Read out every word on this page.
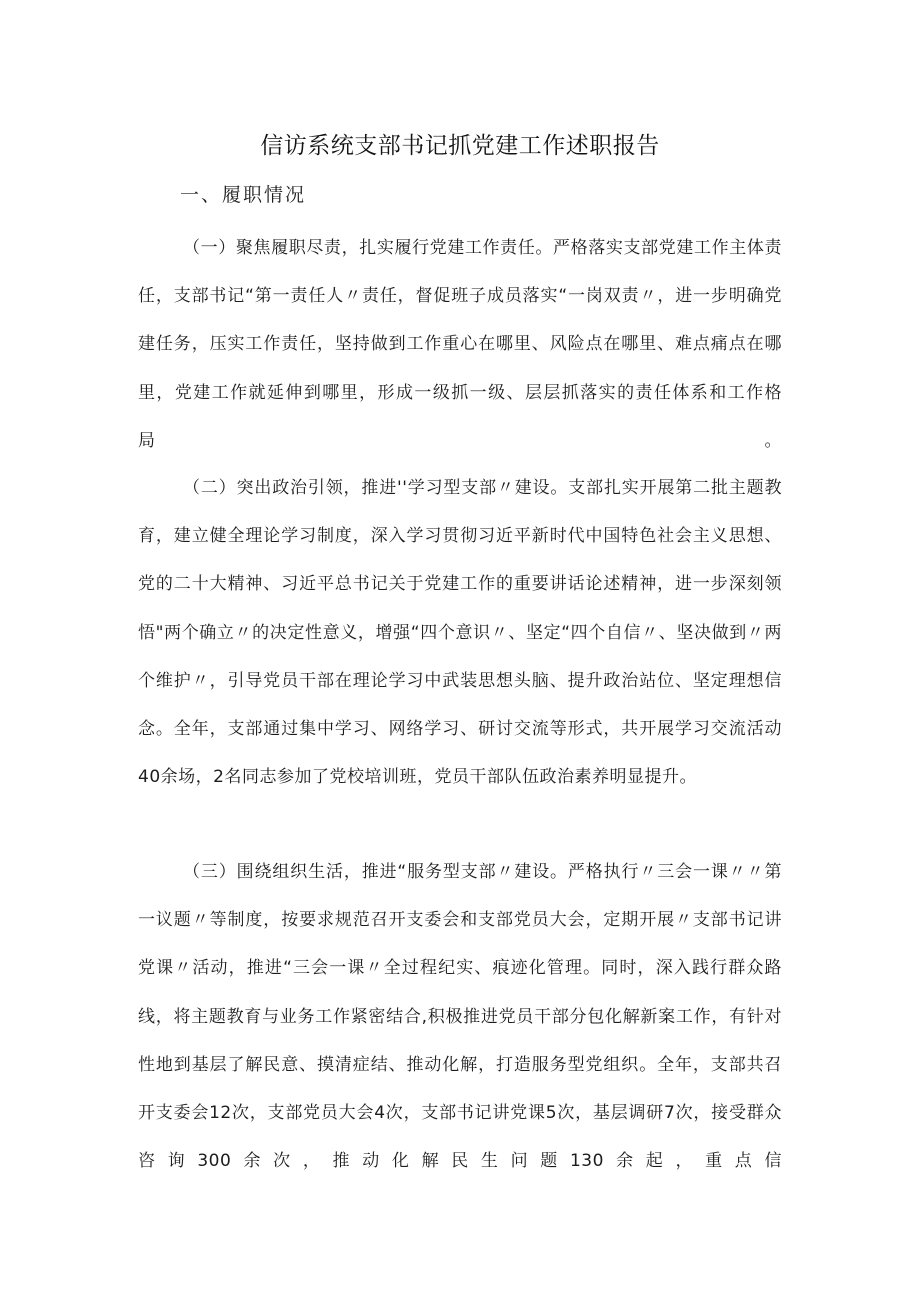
信访系统支部书记抓党建工作述职报告
一、履职情况

（一）聚焦履职尽责，扎实履行党建工作责任。严格落实支部党建工作主体责任，支部书记“第一责任人〃责任，督促班子成员落实“一岗双责〃，进一步明确党建任务，压实工作责任，坚持做到工作重心在哪里、风险点在哪里、难点痛点在哪里，党建工作就延伸到哪里，形成一级抓一级、层层抓落实的责任体系和工作格局。

（二）突出政治引领，推进''学习型支部〃建设。支部扎实开展第二批主题教育，建立健全理论学习制度，深入学习贯彻习近平新时代中国特色社会主义思想、党的二十大精神、习近平总书记关于党建工作的重要讲话论述精神，进一步深刻领悟"两个确立〃的决定性意义，增强“四个意识〃、坚定“四个自信〃、坚决做到〃两个维护〃，引导党员干部在理论学习中武装思想头脑、提升政治站位、坚定理想信念。全年，支部通过集中学习、网络学习、研讨交流等形式，共开展学习交流活动40余场，2名同志参加了党校培训班，党员干部队伍政治素养明显提升。

（三）围绕组织生活，推进“服务型支部〃建设。严格执行〃三会一课〃〃第一议题〃等制度，按要求规范召开支委会和支部党员大会，定期开展〃支部书记讲党课〃活动，推进“三会一课〃全过程纪实、痕迹化管理。同时，深入践行群众路线，将主题教育与业务工作紧密结合,积极推进党员干部分包化解新案工作，有针对性地到基层了解民意、摸清症结、推动化解，打造服务型党组织。全年，支部共召开支委会12次，支部党员大会4次，支部书记讲党课5次，基层调研7次，接受群众咨询300余次，推动化解民生问题130余起，重点信
